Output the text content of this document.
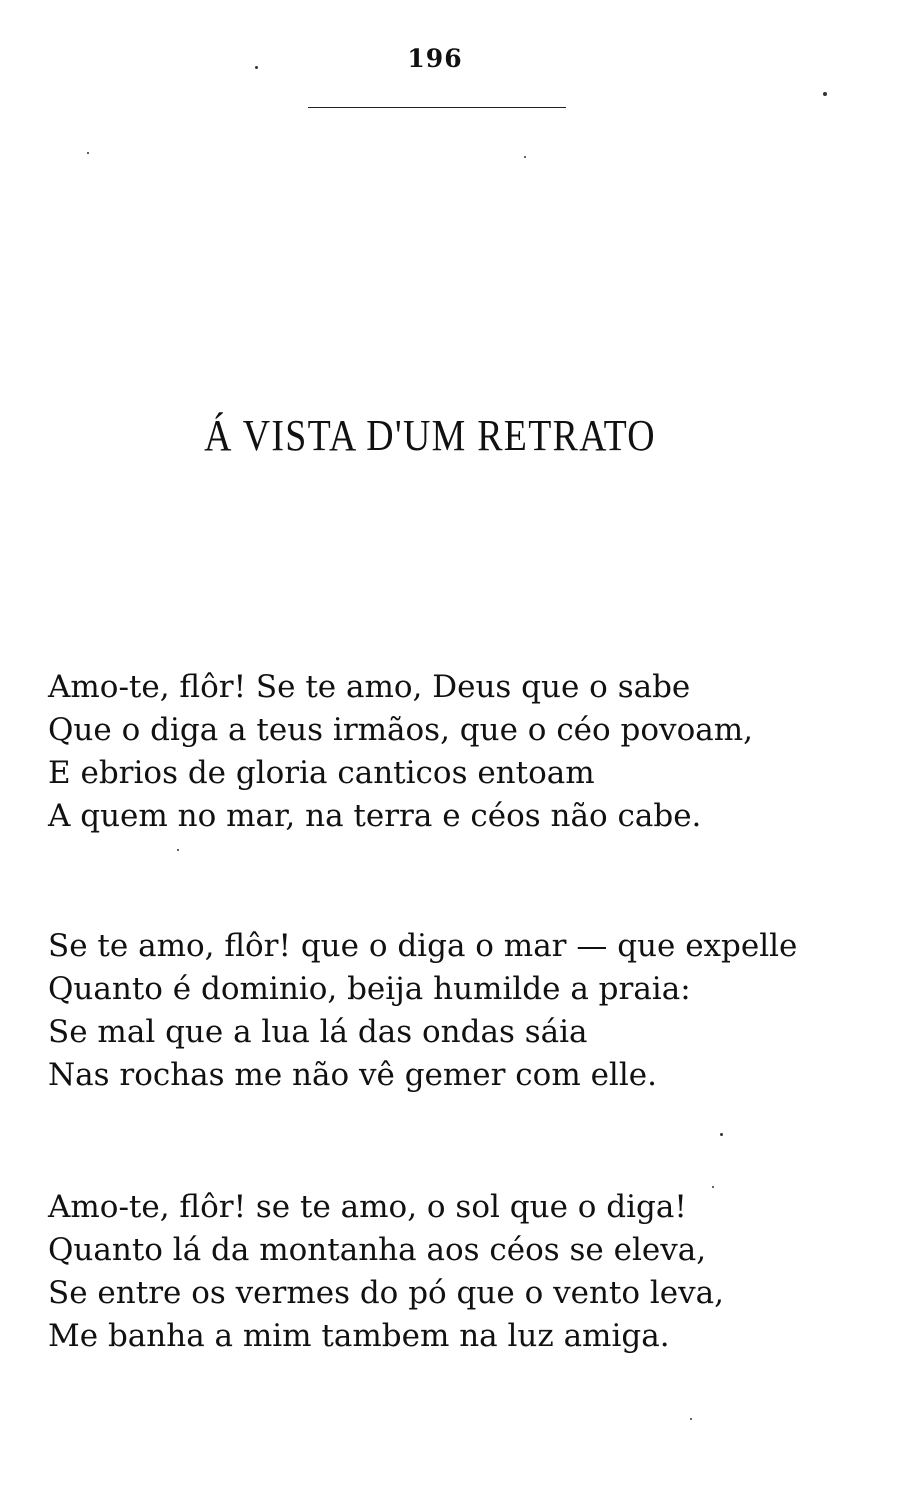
196
Á VISTA D'UM RETRATO
Amo-te, flôr! Se te amo, Deus que o sabe
Que o diga a teus irmãos, que o céo povoam,
E ebrios de gloria canticos entoam
A quem no mar, na terra e céos não cabe.
Se te amo, flôr! que o diga o mar — que expelle
Quanto é dominio, beija humilde a praia:
Se mal que a lua lá das ondas sáia
Nas rochas me não vê gemer com elle.
Amo-te, flôr! se te amo, o sol que o diga!
Quanto lá da montanha aos céos se eleva,
Se entre os vermes do pó que o vento leva,
Me banha a mim tambem na luz amiga.
